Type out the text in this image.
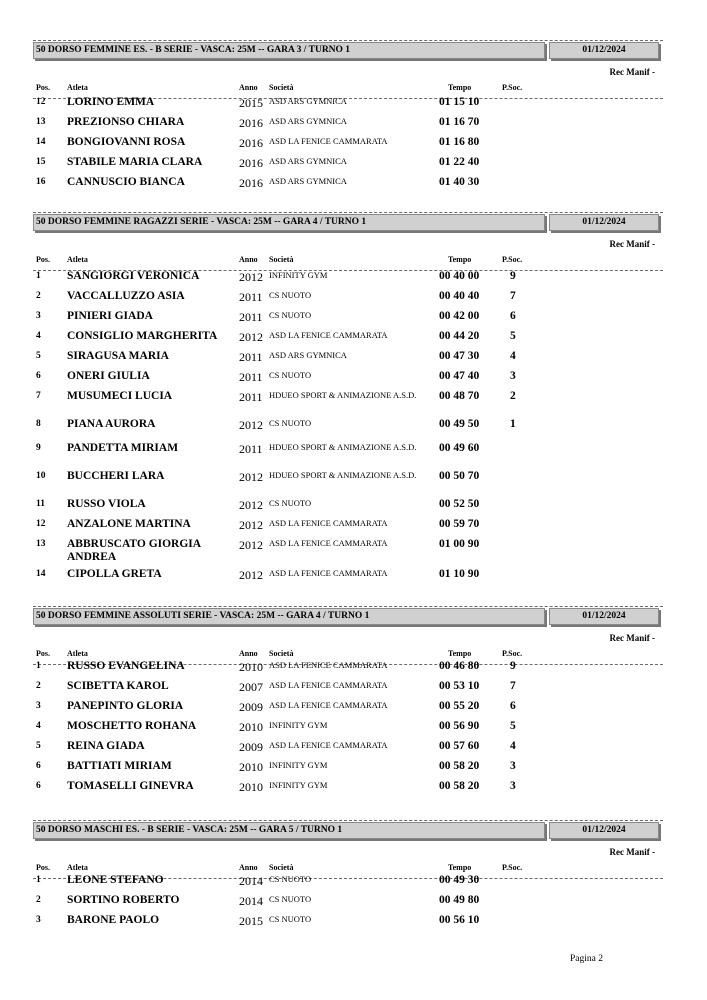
50 DORSO FEMMINE ES. - B SERIE - VASCA: 25M -- GARA 3 / TURNO 1	01/12/2024
Rec Manif -
Pos. Atleta	Anno Società	Tempo	P.Soc.
12 LORINO EMMA	2015 ASD ARS GYMNICA	01 15 10
13 PREZIONSO CHIARA	2016 ASD ARS GYMNICA	01 16 70
14 BONGIOVANNI ROSA	2016 ASD LA FENICE CAMMARATA	01 16 80
15 STABILE MARIA CLARA	2016 ASD ARS GYMNICA	01 22 40
16 CANNUSCIO BIANCA	2016 ASD ARS GYMNICA	01 40 30
50 DORSO FEMMINE RAGAZZI SERIE - VASCA: 25M -- GARA 4 / TURNO 1	01/12/2024
Rec Manif -
Pos. Atleta	Anno Società	Tempo	P.Soc.
1 SANGIORGI VERONICA	2012 INFINITY GYM	00 40 00	9
2 VACCALLUZZO ASIA	2011 CS NUOTO	00 40 40	7
3 PINIERI GIADA	2011 CS NUOTO	00 42 00	6
4 CONSIGLIO MARGHERITA	2012 ASD LA FENICE CAMMARATA	00 44 20	5
5 SIRAGUSA MARIA	2011 ASD ARS GYMNICA	00 47 30	4
6 ONERI GIULIA	2011 CS NUOTO	00 47 40	3
7 MUSUMECI LUCIA	2011 HDUEO SPORT & ANIMAZIONE A.S.D. 00 48 70	2
8 PIANA AURORA	2012 CS NUOTO	00 49 50	1
9 PANDETTA MIRIAM	2011 HDUEO SPORT & ANIMAZIONE A.S.D. 00 49 60
10 BUCCHERI LARA	2012 HDUEO SPORT & ANIMAZIONE A.S.D. 00 50 70
11 RUSSO VIOLA	2012 CS NUOTO	00 52 50
12 ANZALONE MARTINA	2012 ASD LA FENICE CAMMARATA	00 59 70
13 ABBRUSCATO GIORGIA ANDREA
2012 ASD LA FENICE CAMMARATA	01 00 90
14 CIPOLLA GRETA	2012 ASD LA FENICE CAMMARATA	01 10 90
50 DORSO FEMMINE ASSOLUTI SERIE - VASCA: 25M -- GARA 4 / TURNO 1	01/12/2024
Rec Manif -
Pos. Atleta	Anno Società	Tempo	P.Soc.
1 RUSSO EVANGELINA	2010 ASD LA FENICE CAMMARATA	00 46 80	9
2 SCIBETTA KAROL	2007 ASD LA FENICE CAMMARATA	00 53 10	7
3 PANEPINTO GLORIA	2009 ASD LA FENICE CAMMARATA	00 55 20	6
4 MOSCHETTO ROHANA	2010 INFINITY GYM	00 56 90	5
5 REINA GIADA	2009 ASD LA FENICE CAMMARATA	00 57 60	4
6 BATTIATI MIRIAM	2010 INFINITY GYM	00 58 20	3
6 TOMASELLI GINEVRA	2010 INFINITY GYM	00 58 20	3
50 DORSO MASCHI ES. - B SERIE - VASCA: 25M -- GARA 5 / TURNO 1	01/12/2024
Rec Manif -
Pos. Atleta	Anno Società	Tempo	P.Soc.
1 LEONE STEFANO	2014 CS NUOTO	00 49 30
2 SORTINO ROBERTO	2014 CS NUOTO	00 49 80
3 BARONE PAOLO	2015 CS NUOTO	00 56 10
Pagina 2
